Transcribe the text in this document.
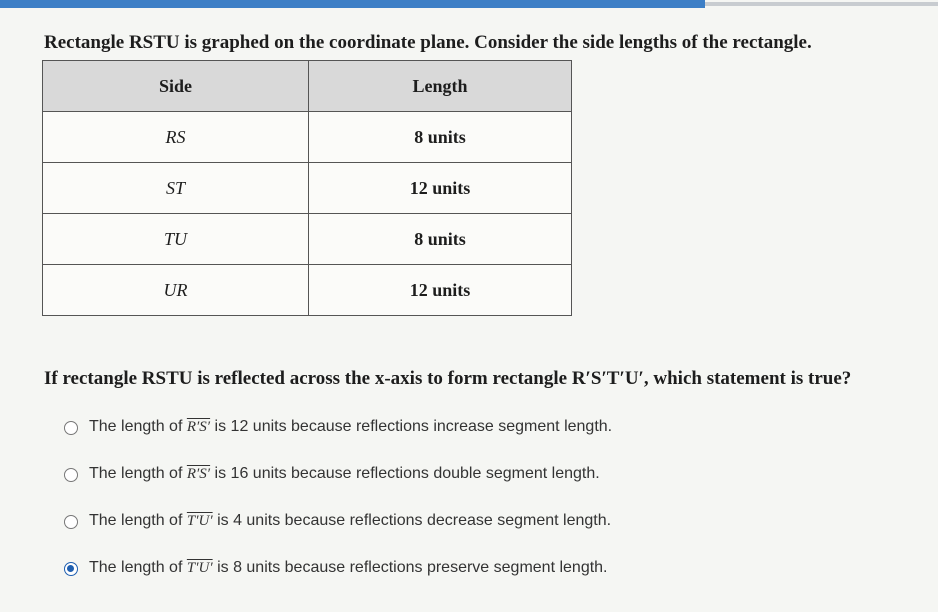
Rectangle RSTU is graphed on the coordinate plane. Consider the side lengths of the rectangle.
Side	Length
RS	8 units
ST	12 units
TU	8 units
UR	12 units
If rectangle RSTU is reflected across the x-axis to form rectangle R′S′T′U′, which statement is true?
The length of R′S′ is 12 units because reflections increase segment length.
The length of R′S′ is 16 units because reflections double segment length.
The length of T′U′ is 4 units because reflections decrease segment length.
The length of T′U′ is 8 units because reflections preserve segment length.
